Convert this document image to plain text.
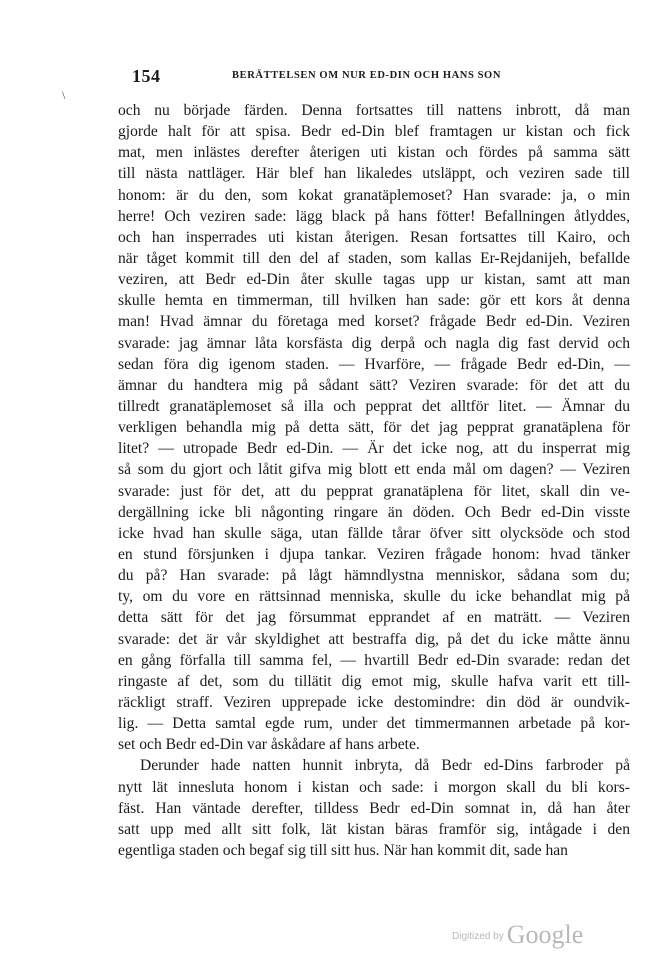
154	BERÄTTELSEN OM NUR ED-DIN OCH HANS SON
\
och nu började färden. Denna fortsattes till nattens inbrott, då man
gjorde halt för att spisa. Bedr ed-Din blef framtagen ur kistan och fick
mat, men inlästes derefter återigen uti kistan och fördes på samma sätt
till nästa nattläger. Här blef han likaledes utsläppt, och veziren sade till
honom: är du den, som kokat granatäplemoset? Han svarade: ja, o min
herre! Och veziren sade: lägg black på hans fötter! Befallningen åtlyddes,
och han insperrades uti kistan återigen. Resan fortsattes till Kairo, och
när tåget kommit till den del af staden, som kallas Er-Rejdanijeh, befallde
veziren, att Bedr ed-Din åter skulle tagas upp ur kistan, samt att man
skulle hemta en timmerman, till hvilken han sade: gör ett kors åt denna
man! Hvad ämnar du företaga med korset? frågade Bedr ed-Din. Veziren
svarade: jag ämnar låta korsfästa dig derpå och nagla dig fast dervid och
sedan föra dig igenom staden. — Hvarföre, — frågade Bedr ed-Din, —
ämnar du handtera mig på sådant sätt? Veziren svarade: för det att du
tillredt granatäplemoset så illa och pepprat det alltför litet. — Ämnar du
verkligen behandla mig på detta sätt, för det jag pepprat granatäplena för
litet? — utropade Bedr ed-Din. — Är det icke nog, att du insperrat mig
så som du gjort och låtit gifva mig blott ett enda mål om dagen? — Veziren
svarade: just för det, att du pepprat granatäplena för litet, skall din ve-
dergällning icke bli någonting ringare än döden. Och Bedr ed-Din visste
icke hvad han skulle säga, utan fällde tårar öfver sitt olycksöde och stod
en stund försjunken i djupa tankar. Veziren frågade honom: hvad tänker
du på? Han svarade: på lågt hämndlystna menniskor, sådana som du;
ty, om du vore en rättsinnad menniska, skulle du icke behandlat mig på
detta sätt för det jag försummat epprandet af en maträtt. — Veziren
svarade: det är vår skyldighet att bestraffa dig, på det du icke måtte ännu
en gång förfalla till samma fel, — hvartill Bedr ed-Din svarade: redan det
ringaste af det, som du tillätit dig emot mig, skulle hafva varit ett till-
räckligt straff. Veziren upprepade icke destomindre: din död är oundvik-
lig. — Detta samtal egde rum, under det timmermannen arbetade på kor-
set och Bedr ed-Din var åskådare af hans arbete.
Derunder hade natten hunnit inbryta, då Bedr ed-Dins farbroder på
nytt lät innesluta honom i kistan och sade: i morgon skall du bli kors-
fäst. Han väntade derefter, tilldess Bedr ed-Din somnat in, då han åter
satt upp med allt sitt folk, lät kistan bäras framför sig, intågade i den
egentliga staden och begaf sig till sitt hus. När han kommit dit, sade han
$^{Digitized by}$ Google
